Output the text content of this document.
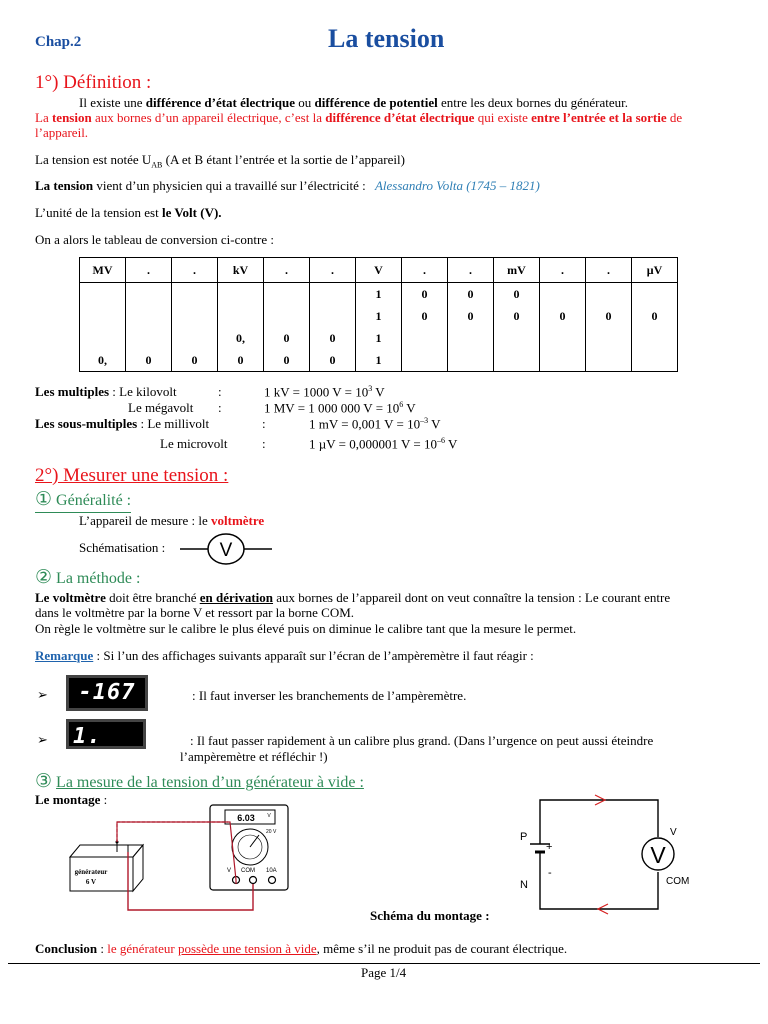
Chap.2	La tension
1°) Définition :
Il existe une différence d’état électrique ou différence de potentiel entre les deux bornes du générateur.
La tension aux bornes d’un appareil électrique, c’est la différence d’état électrique qui existe entre l’entrée et la sortie de
l’appareil.
La tension est notée $U_{AB}$ (A et B étant l’entrée et la sortie de l’appareil)
La tension vient d’un physicien qui a travaillé sur l’électricité : Alessandro Volta (1745 – 1821)
L’unité de la tension est le Volt (V).
On a alors le tableau de conversion ci-contre :
MV	.	.	kV	.	.	V	.	.	mV	.	.	μV
						1	0	0	0			
						1	0	0	0	0	0	0
			0,	0	0	1						
0,	0	0	0	0	0	1						
Les multiples : Le kilovolt	:	1 kV = 1000 $V = 10^3$ V
Le mégavolt :	1 MV = 1 000 000 $V = 10^6$ V
Les sous-multiples : Le millivolt	:	1 mV = 0,001 $V = 10^{-3}$ V
Le microvolt	:	1 µV = 0,000001 $V = 10^{-6}$ V
2°) Mesurer une tension :
① Généralité :
L’appareil de mesure : le voltmètre
Schématisation :	V
② La méthode :
Le voltmètre doit être branché en dérivation aux bornes de l’appareil dont on veut connaître la tension : Le courant entre
dans le voltmètre par la borne V et ressort par la borne COM.
On règle le voltmètre sur le calibre le plus élevé puis on diminue le calibre tant que la mesure le permet.
Remarque : Si l’un des affichages suivants apparaît sur l’écran de l’ampèremètre il faut réagir :
➢	-167	: Il faut inverser les branchements de l’ampèremètre.
➢	1.	: Il faut passer rapidement à un calibre plus grand. (Dans l’urgence on peut aussi éteindre
l’ampèremètre et réfléchir !)
③ La mesure de la tension d’un générateur à vide :
Le montage :
6.03	V
20 V
V COM 10A
générateur
6 V
P
N
+
-
V
V
COM
Schéma du montage :
Conclusion : le générateur possède une tension à vide, même s’il ne produit pas de courant électrique.
Page 1/4
